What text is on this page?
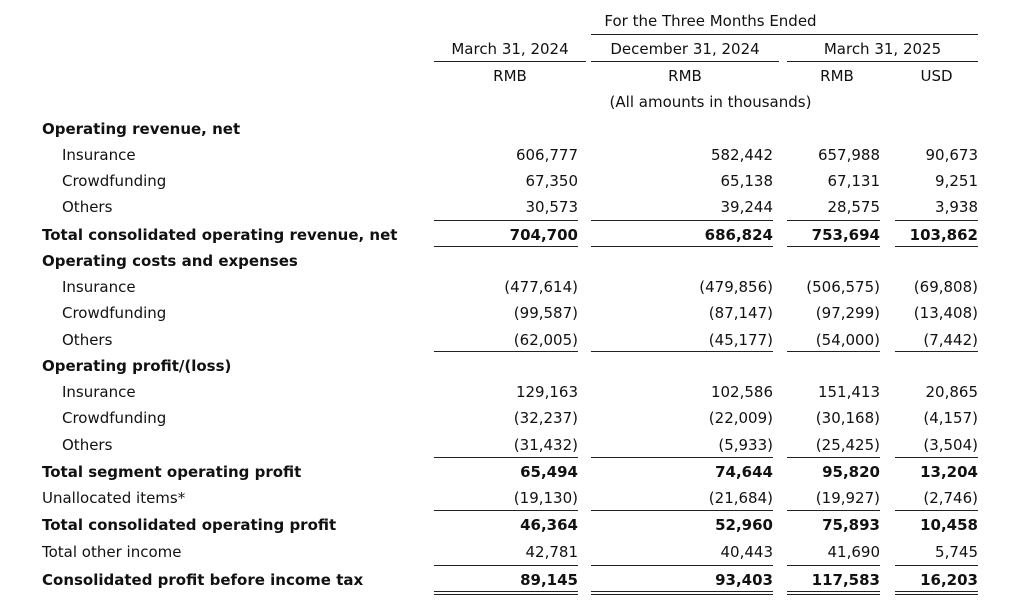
For the Three Months Ended
March 31, 2024	December 31, 2024	March 31, 2025
RMB	RMB	RMB	USD
(All amounts in thousands)
Operating revenue, net
Insurance	606,777	582,442	657,988	90,673
Crowdfunding	67,350	65,138	67,131	9,251
Others	30,573	39,244	28,575	3,938
Total consolidated operating revenue, net	704,700	686,824	753,694	103,862
Operating costs and expenses
Insurance	(477,614)	(479,856)	(506,575)	(69,808)
Crowdfunding	(99,587)	(87,147)	(97,299)	(13,408)
Others	(62,005)	(45,177)	(54,000)	(7,442)
Operating profit/(loss)
Insurance	129,163	102,586	151,413	20,865
Crowdfunding	(32,237)	(22,009)	(30,168)	(4,157)
Others	(31,432)	(5,933)	(25,425)	(3,504)
Total segment operating profit	65,494	74,644	95,820	13,204
Unallocated items*	(19,130)	(21,684)	(19,927)	(2,746)
Total consolidated operating profit	46,364	52,960	75,893	10,458
Total other income	42,781	40,443	41,690	5,745
Consolidated profit before income tax	89,145	93,403	117,583	16,203
